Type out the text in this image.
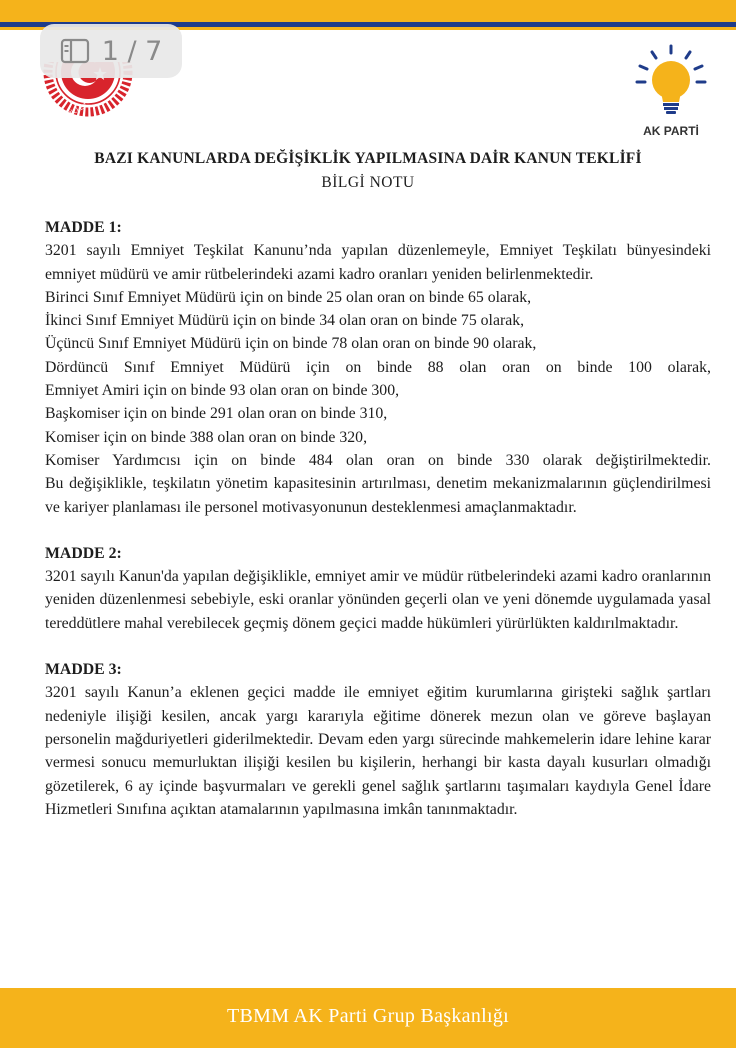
MİLLET
1 / 7
AK PARTİ
BAZI KANUNLARDA DEĞİŞİKLİK YAPILMASINA DAİR KANUN TEKLİFİ
BİLGİ NOTU
MADDE 1:
3201 sayılı Emniyet Teşkilat Kanunu’nda yapılan düzenlemeyle, Emniyet Teşkilatı bünyesindeki emniyet müdürü ve amir rütbelerindeki azami kadro oranları yeniden belirlenmektedir.
Birinci Sınıf Emniyet Müdürü için on binde 25 olan oran on binde 65 olarak,
İkinci Sınıf Emniyet Müdürü için on binde 34 olan oran on binde 75 olarak,
Üçüncü Sınıf Emniyet Müdürü için on binde 78 olan oran on binde 90 olarak,
Dördüncü Sınıf Emniyet Müdürü için on binde 88 olan oran on binde 100 olarak,
Emniyet Amiri için on binde 93 olan oran on binde 300,
Başkomiser için on binde 291 olan oran on binde 310,
Komiser için on binde 388 olan oran on binde 320,
Komiser Yardımcısı için on binde 484 olan oran on binde 330 olarak değiştirilmektedir.
Bu değişiklikle, teşkilatın yönetim kapasitesinin artırılması, denetim mekanizmalarının güçlendirilmesi ve kariyer planlaması ile personel motivasyonunun desteklenmesi amaçlanmaktadır.
MADDE 2:
3201 sayılı Kanun'da yapılan değişiklikle, emniyet amir ve müdür rütbelerindeki azami kadro oranlarının yeniden düzenlenmesi sebebiyle, eski oranlar yönünden geçerli olan ve yeni dönemde uygulamada yasal tereddütlere mahal verebilecek geçmiş dönem geçici madde hükümleri yürürlükten kaldırılmaktadır.
MADDE 3:
3201 sayılı Kanun’a eklenen geçici madde ile emniyet eğitim kurumlarına girişteki sağlık şartları nedeniyle ilişiği kesilen, ancak yargı kararıyla eğitime dönerek mezun olan ve göreve başlayan personelin mağduriyetleri giderilmektedir. Devam eden yargı sürecinde mahkemelerin idare lehine karar vermesi sonucu memurluktan ilişiği kesilen bu kişilerin, herhangi bir kasta dayalı kusurları olmadığı gözetilerek, 6 ay içinde başvurmaları ve gerekli genel sağlık şartlarını taşımaları kaydıyla Genel İdare Hizmetleri Sınıfına açıktan atamalarının yapılmasına imkân tanınmaktadır.
TBMM AK Parti Grup Başkanlığı
